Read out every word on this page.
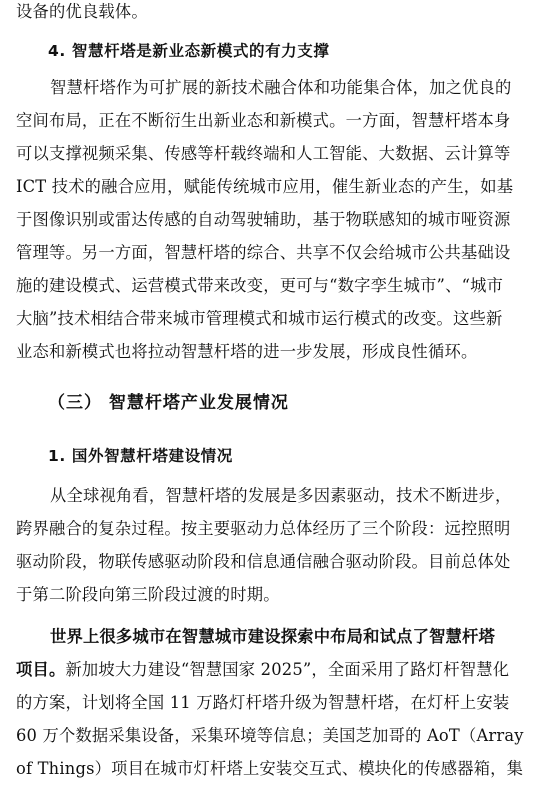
设备的优良载体。
4. 智慧杆塔是新业态新模式的有力支撑
智慧杆塔作为可扩展的新技术融合体和功能集合体，加之优良的
空间布局，正在不断衍生出新业态和新模式。一方面，智慧杆塔本身
可以支撑视频采集、传感等杆载终端和人工智能、大数据、云计算等
ICT 技术的融合应用，赋能传统城市应用，催生新业态的产生，如基
于图像识别或雷达传感的自动驾驶辅助，基于物联感知的城市哑资源
管理等。另一方面，智慧杆塔的综合、共享不仅会给城市公共基础设
施的建设模式、运营模式带来改变，更可与“数字孪生城市”、“城市
大脑”技术相结合带来城市管理模式和城市运行模式的改变。这些新
业态和新模式也将拉动智慧杆塔的进一步发展，形成良性循环。
（三） 智慧杆塔产业发展情况
1. 国外智慧杆塔建设情况
从全球视角看，智慧杆塔的发展是多因素驱动，技术不断进步，
跨界融合的复杂过程。按主要驱动力总体经历了三个阶段：远控照明
驱动阶段，物联传感驱动阶段和信息通信融合驱动阶段。目前总体处
于第二阶段向第三阶段过渡的时期。
世界上很多城市在智慧城市建设探索中布局和试点了智慧杆塔
项目。新加坡大力建设“智慧国家 2025”，全面采用了路灯杆智慧化
的方案，计划将全国 11 万路灯杆塔升级为智慧杆塔，在灯杆上安装
60 万个数据采集设备，采集环境等信息；美国芝加哥的 AoT（Array
of Things）项目在城市灯杆塔上安装交互式、模块化的传感器箱，集
